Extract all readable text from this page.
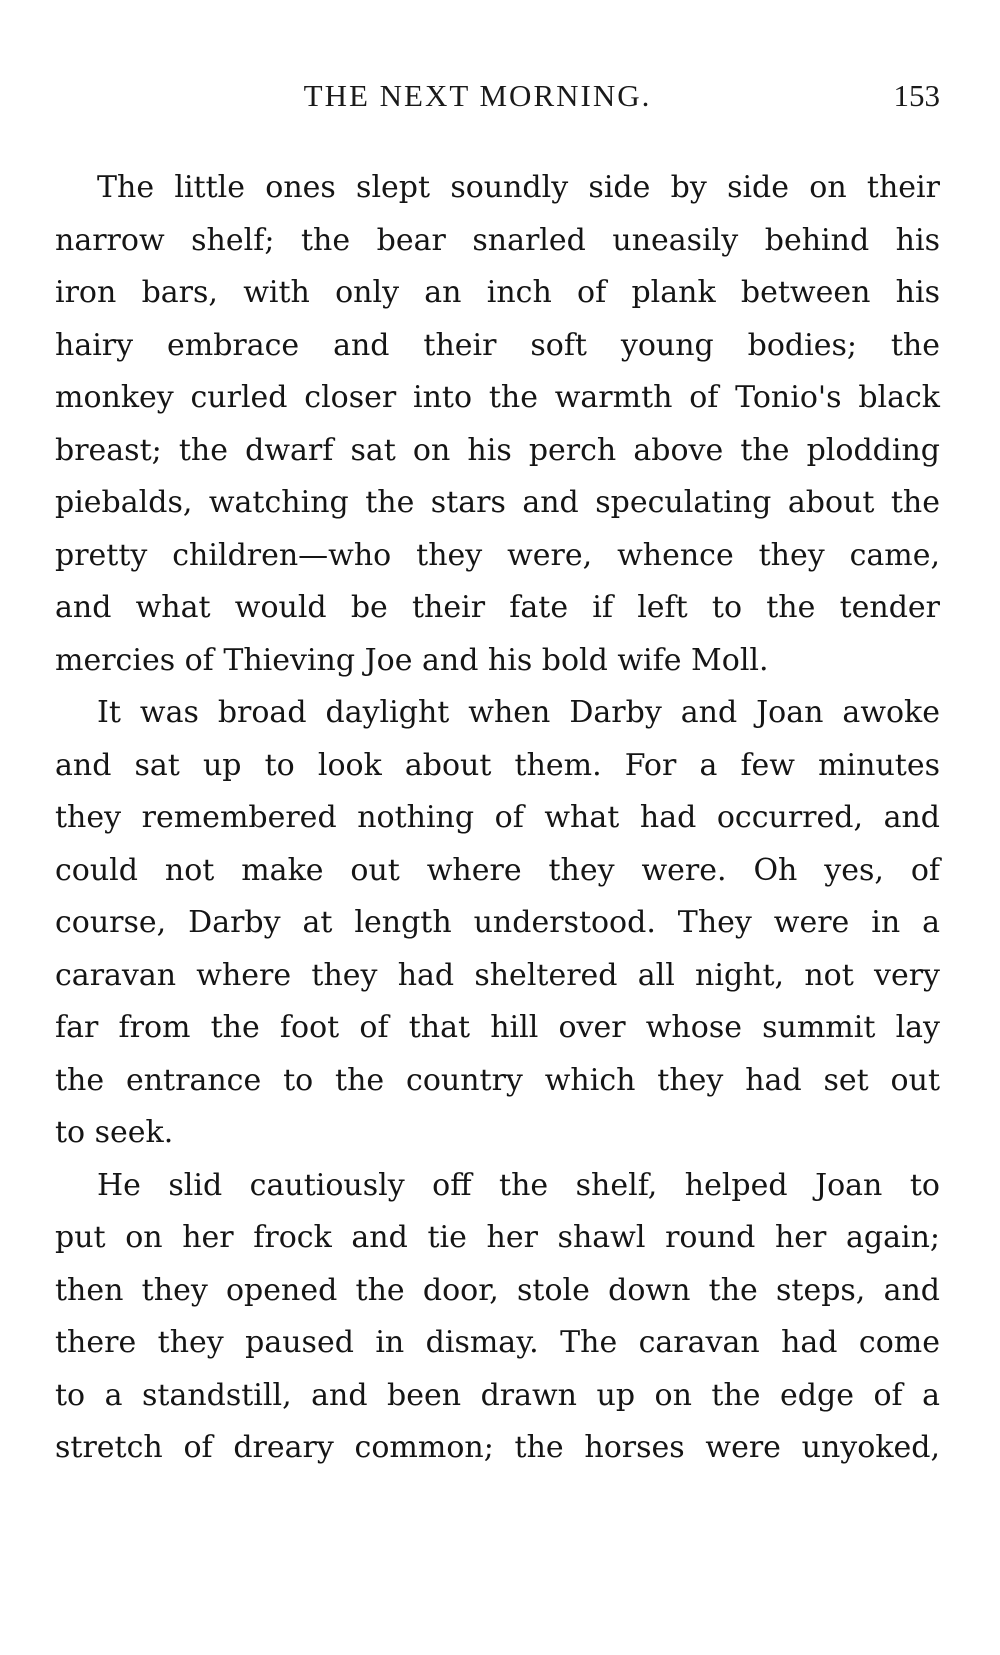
THE NEXT MORNING.	153
The little ones slept soundly side by side on their
narrow shelf; the bear snarled uneasily behind his
iron bars, with only an inch of plank between his
hairy embrace and their soft young bodies; the
monkey curled closer into the warmth of Tonio's black
breast; the dwarf sat on his perch above the plodding
piebalds, watching the stars and speculating about the
pretty children—who they were, whence they came,
and what would be their fate if left to the tender
mercies of Thieving Joe and his bold wife Moll.
It was broad daylight when Darby and Joan awoke
and sat up to look about them. For a few minutes
they remembered nothing of what had occurred, and
could not make out where they were. Oh yes, of
course, Darby at length understood. They were in a
caravan where they had sheltered all night, not very
far from the foot of that hill over whose summit lay
the entrance to the country which they had set out
to seek.
He slid cautiously off the shelf, helped Joan to
put on her frock and tie her shawl round her again;
then they opened the door, stole down the steps, and
there they paused in dismay. The caravan had come
to a standstill, and been drawn up on the edge of a
stretch of dreary common; the horses were unyoked,
